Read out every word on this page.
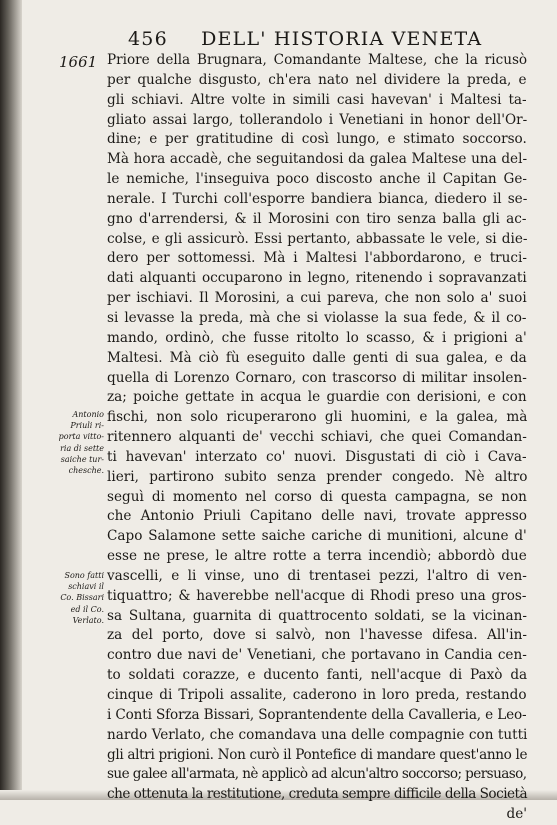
456 DELL' HISTORIA VENETA
1661
Antonio
Priuli ri-
porta vitto-
ria di sette
saiche tur-
chesche.
Sono fatti
schiavi il
Co. Bissari
ed il Co.
Verlato.
Priore della Brugnara, Comandante Maltese, che la ricusò
per qualche disgusto, ch'era nato nel dividere la preda, e
gli schiavi. Altre volte in simili casi havevan' i Maltesi ta-
gliato assai largo, tollerandolo i Venetiani in honor dell'Or-
dine; e per gratitudine di così lungo, e stimato soccorso.
Mà hora accadè, che seguitandosi da galea Maltese una del-
le nemiche, l'inseguiva poco discosto anche il Capitan Ge-
nerale. I Turchi coll'esporre bandiera bianca, diedero il se-
gno d'arrendersi, & il Morosini con tiro senza balla gli ac-
colse, e gli assicurò. Essi pertanto, abbassate le vele, si die-
dero per sottomessi. Mà i Maltesi l'abbordarono, e truci-
dati alquanti occuparono in legno, ritenendo i sopravanzati
per ischiavi. Il Morosini, a cui pareva, che non solo a' suoi
si levasse la preda, mà che si violasse la sua fede, & il co-
mando, ordinò, che fusse ritolto lo scasso, & i prigioni a'
Maltesi. Mà ciò fù eseguito dalle genti di sua galea, e da
quella di Lorenzo Cornaro, con trascorso di militar insolen-
za; poiche gettate in acqua le guardie con derisioni, e con
fischi, non solo ricuperarono gli huomini, e la galea, mà
ritennero alquanti de' vecchi schiavi, che quei Comandan-
ti havevan' interzato co' nuovi. Disgustati di ciò i Cava-
lieri, partirono subito senza prender congedo. Nè altro
seguì di momento nel corso di questa campagna, se non
che Antonio Priuli Capitano delle navi, trovate appresso
Capo Salamone sette saiche cariche di munitioni, alcune d'
esse ne prese, le altre rotte a terra incendiò; abbordò due
vascelli, e li vinse, uno di trentasei pezzi, l'altro di ven-
tiquattro; & haverebbe nell'acque di Rhodi preso una gros-
sa Sultana, guarnita di quattrocento soldati, se la vicinan-
za del porto, dove si salvò, non l'havesse difesa. All'in-
contro due navi de' Venetiani, che portavano in Candia cen-
to soldati corazze, e ducento fanti, nell'acque di Paxò da
cinque di Tripoli assalite, caderono in loro preda, restando
i Conti Sforza Bissari, Soprantendente della Cavalleria, e Leo-
nardo Verlato, che comandava una delle compagnie con tutti
gli altri prigioni. Non curò il Pontefice di mandare quest'anno le
sue galee all'armata, nè applicò ad alcun'altro soccorso; persuaso,
che ottenuta la restitutione, creduta sempre difficile della Società
de'
